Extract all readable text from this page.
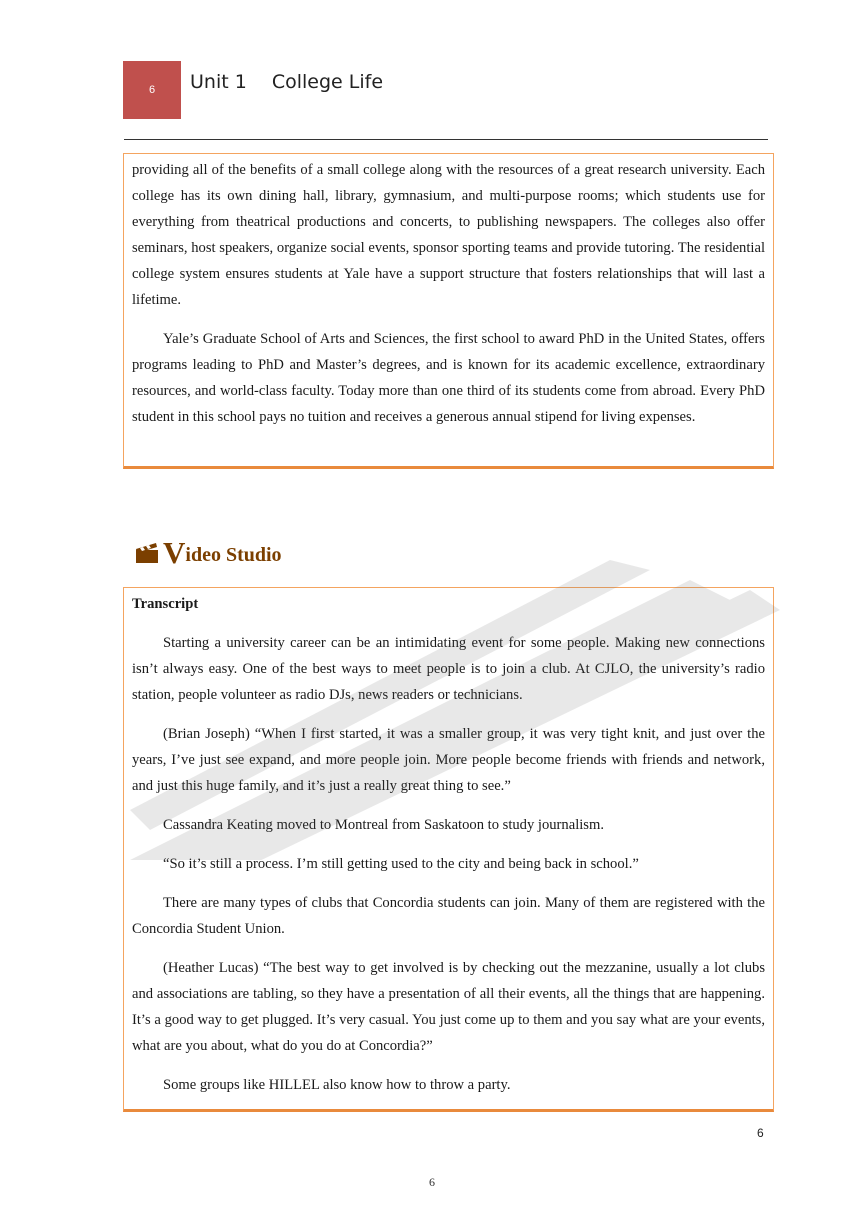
6	Unit 1 College Life

providing all of the benefits of a small college along with the resources of a great research university. Each college has its own dining hall, library, gymnasium, and multi-purpose rooms; which students use for everything from theatrical productions and concerts, to publishing newspapers. The colleges also offer seminars, host speakers, organize social events, sponsor sporting teams and provide tutoring. The residential college system ensures students at Yale have a support structure that fosters relationships that will last a lifetime.

Yale’s Graduate School of Arts and Sciences, the first school to award PhD in the United States, offers programs leading to PhD and Master’s degrees, and is known for its academic excellence, extraordinary resources, and world-class faculty. Today more than one third of its students come from abroad. Every PhD student in this school pays no tuition and receives a generous annual stipend for living expenses.

V ideo Studio

Transcript

Starting a university career can be an intimidating event for some people. Making new connections isn’t always easy. One of the best ways to meet people is to join a club. At CJLO, the university’s radio station, people volunteer as radio DJs, news readers or technicians.

(Brian Joseph) “When I first started, it was a smaller group, it was very tight knit, and just over the years, I’ve just see expand, and more people join. More people become friends with friends and network, and just this huge family, and it’s just a really great thing to see.”

Cassandra Keating moved to Montreal from Saskatoon to study journalism.

“So it’s still a process. I’m still getting used to the city and being back in school.”

There are many types of clubs that Concordia students can join. Many of them are registered with the Concordia Student Union.

(Heather Lucas) “The best way to get involved is by checking out the mezzanine, usually a lot clubs and associations are tabling, so they have a presentation of all their events, all the things that are happening. It’s a good way to get plugged. It’s very casual. You just come up to them and you say what are your events, what are you about, what do you do at Concordia?”

Some groups like HILLEL also know how to throw a party.

6
6
